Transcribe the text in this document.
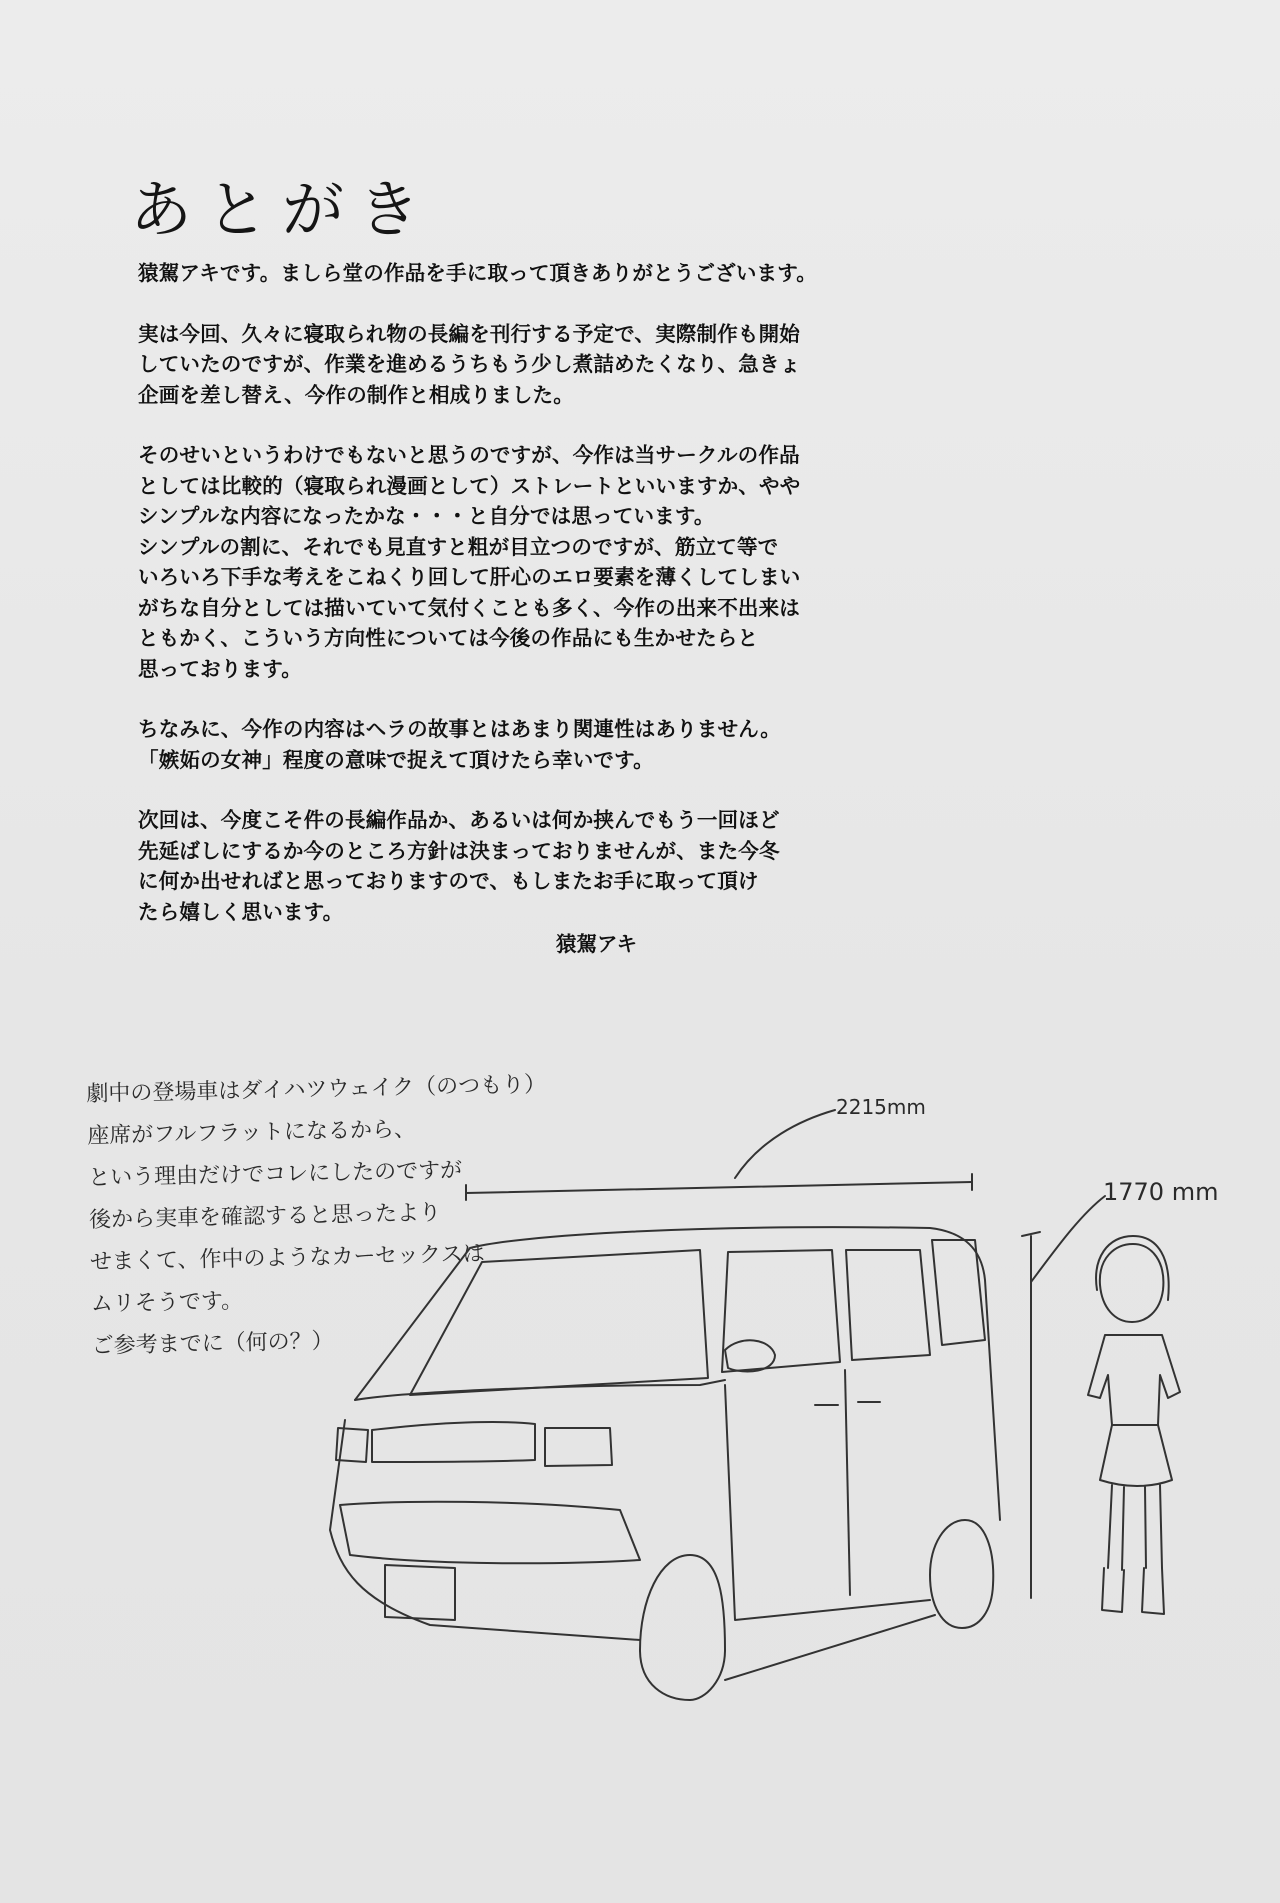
あとがき

猿駕アキです。ましら堂の作品を手に取って頂きありがとうございます。

実は今回、久々に寝取られ物の長編を刊行する予定で、実際制作も開始
していたのですが、作業を進めるうちもう少し煮詰めたくなり、急きょ
企画を差し替え、今作の制作と相成りました。

そのせいというわけでもないと思うのですが、今作は当サークルの作品
としては比較的（寝取られ漫画として）ストレートといいますか、やや
シンプルな内容になったかな・・・と自分では思っています。
シンプルの割に、それでも見直すと粗が目立つのですが、筋立て等で
いろいろ下手な考えをこねくり回して肝心のエロ要素を薄くしてしまい
がちな自分としては描いていて気付くことも多く、今作の出来不出来は
ともかく、こういう方向性については今後の作品にも生かせたらと
思っております。

ちなみに、今作の内容はヘラの故事とはあまり関連性はありません。
「嫉妬の女神」程度の意味で捉えて頂けたら幸いです。

次回は、今度こそ件の長編作品か、あるいは何か挟んでもう一回ほど
先延ばしにするか今のところ方針は決まっておりませんが、また今冬
に何か出せればと思っておりますので、もしまたお手に取って頂け
たら嬉しく思います。

猿駕アキ
劇中の登場車はダイハツウェイク（のつもり）
座席がフルフラットになるから、
という理由だけでコレにしたのですが
後から実車を確認すると思ったより
せまくて、作中のようなカーセックスは
ムリそうです。
ご参考までに（何の？）
2215mm
1770 mm
